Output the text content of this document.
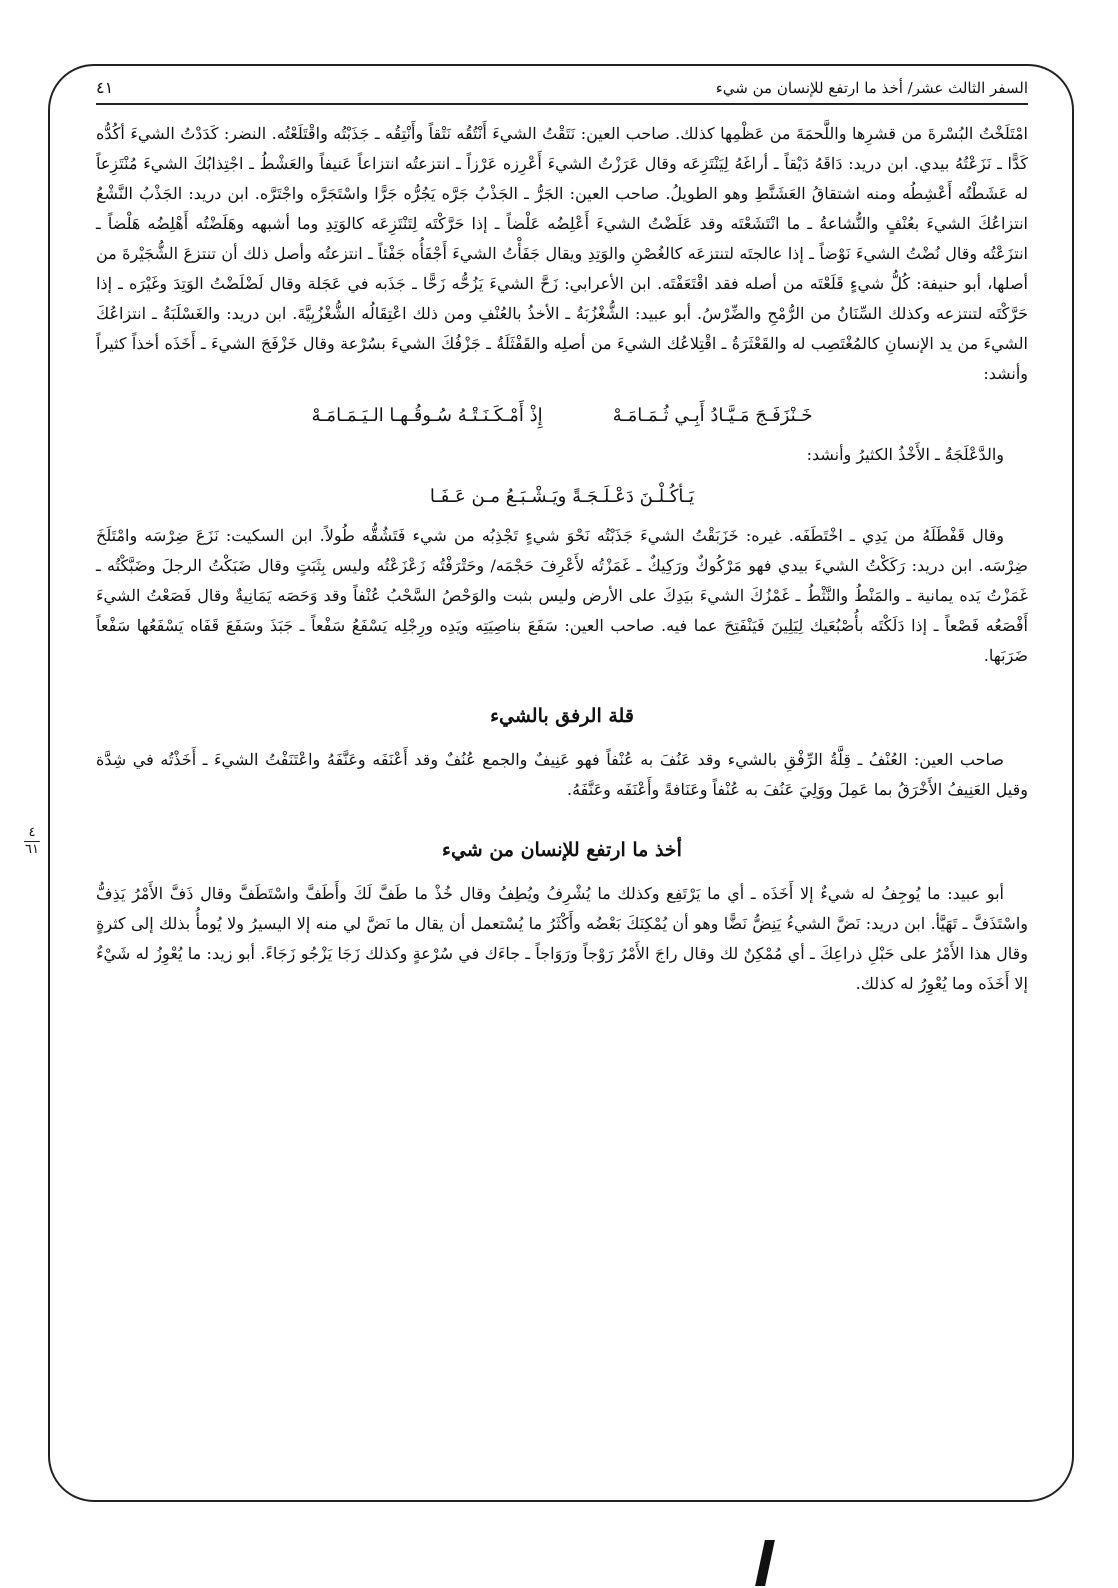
السفر الثالث عشر/ أخذ ما ارتفع للإنسان من شيء
٤١

امْتَلَخْتُ البُسْرةَ من قشرِها واللَّحمَةَ من عَظْمِها كذلك. صاحب العين: نَتَقْتُ الشيءَ أَنْتُقُه نَتْقاً وأَنْتِقُه ـ جَذَبْتُه واقْتَلَعْتُه. النضر: كَدَدْتُ الشيءَ أكُدُّه كَدًّا ـ نَزَعْتُهُ بيدي. ابن دريد: دَاقَهُ دَيْقاً ـ أراغَهُ لِيَنْتَزِعَه وقال عَرَزْتُ الشيءَ أَعْرِزه عَرْزاً ـ انتزعتُه انتزاعاً عَنيفاً والعَشْطُ ـ اجْتِذابُكَ الشيءَ مُنْتَزِعاً له عَشَطْتُه أَعْشِطُه ومنه اشتقاقُ العَشَنَّطِ وهو الطويلُ. صاحب العين: الجَرُّ ـ الجَذْبُ جَرَّه يَجُرُّه جَرًّا واسْتَجَرَّه واجْتَرَّه. ابن دريد: الجَذْبُ النَّشْعُ انتزاعُكَ الشيءَ بعُنْفٍ والنُّشاعةُ ـ ما انْتَشَعْتَه وقد عَلَضْتُ الشيءَ أَعْلِضُه عَلْضاً ـ إذا حَرَّكْتَه لِتَنْتَزِعَه كالوَتِدِ وما أشبهه وهَلَضْتُه أَهْلِضُه هَلْضاً ـ انتزَعْتُه وقال نُضْتُ الشيءَ نَوْضاً ـ إذا عالجتَه لتنتزعَه كالغُصْنِ والوَتِدِ ويقال جَفَأْتُ الشيءَ أَجْفَأُه جَفْئاً ـ انتزعتُه وأصل ذلك أن تنتزعَ الشُّجَيْرةَ من أصلها، أبو حنيفة: كُلُّ شيءٍ قَلَعْتَه من أصله فقد اقْتَعَفْتَه. ابن الأعرابي: زَحَّ الشيءَ يَزُحُّه زَحًّا ـ جَذَبه في عَجَلة وقال لَضْلَضْتُ الوَتِدَ وغَيْرَه ـ إذا حَرَّكْتَه لتنتزعه وكذلك السِّنَانُ من الرُّمْحِ والضِّرْسُ. أبو عبيد: الشُّغْزُبَةُ ـ الأخذُ بالعُنْفِ ومن ذلك اعْتِقَالُه الشُّغْزُبِيَّةَ. ابن دريد: والغَسْلَبَةُ ـ انتزاعُكَ الشيءَ من يد الإنسانِ كالمُغْتَصِب له والقَعْثَرَةُ ـ اقْتِلاعُك الشيءَ من أصلِه والقَفْثَلَةُ ـ جَزْفُكَ الشيءَ بسُرْعة وقال خَزْفَجَ الشيءَ ـ أَخَذَه أخذاً كثيراً وأنشد:

خَـنْزَفَـجَ مَـيَّـادُ أَبِـي ثُـمَـامَـهْ
إِذْ أَمْـكَـنَـتْـهُ سُـوقُـهـا الـيَـمَـامَـهْ

والدَّعْلَجَةُ ـ الأَخْذُ الكثيرُ وأنشد:

يَـأكُـلْـنَ دَعْـلَـجَـةً ويَـشْـبَـعُ مـن عَـفَـا

وقال قَفْطَلَهُ من يَدِي ـ اخْتَطَفَه. غيره: خَزَبَقْتُ الشيءَ جَذَبْتُه نَحْوَ شيءٍ تَجْذِبُه من شيء فَتَشُقُّه طُولاً. ابن السكيت: نَزَعَ ضِرْسَه وامْتَلَخَ ضِرْسَه. ابن دريد: رَكَكْتُ الشيءَ بيدي فهو مَرْكُوكٌ ورَكِيكٌ ـ غَمَزْتُه لأَعْرِفَ حَجْمَه/ وحَتْرَفْتُه زَعْزَعْتُه وليس بِثَبَتٍ وقال ضَبَكْتُ الرجلَ وضَبَّكْتُه ـ غَمَزْتُ يَده يمانية ـ والمَنْطُ والنَّثْطُ ـ غَمْزُكَ الشيءَ بيَدِكَ على الأرض وليس بثبت والوَحْصُ السَّحْبُ عُنْفاً وقد وَحَصَه يَمَانِيةٌ وقال فَصَعْتُ الشيءَ أَفْصَعُه فَصْعاً ـ إذا دَلَكْتَه بأُصْبُعَيك لِيَلِينَ فَيَنْفَتِحَ عما فيه. صاحب العين: سَفَعَ بناصِيَتِه ويَدِه ورِجْلِه يَسْفَعُ سَفْعاً ـ جَبَذَ وسَفَعَ قَفَاه يَسْفَعُها سَفْعاً ضَرَبَها.

قلة الرفق بالشيء

صاحب العين: العُنْفُ ـ قِلَّةُ الرِّفْقِ بالشيء وقد عَنُفَ به عُنْفاً فهو عَنِيفٌ والجمع عُنُفٌ وقد أَعْنَفَه وعَنَّفَهُ واعْتَنَفْتُ الشيءَ ـ أَخَذْتُه في شِدَّة وقيل العَنِيفُ الأَخْرَقُ بما عَمِلَ ووَلِيَ عَنُفَ به عُنْفاً وعَنَافةً وأَعْنَفَه وعَنَّفَهُ.

أخذ ما ارتفع للإنسان من شيء

أبو عبيد: ما يُوجِفُ له شيءٌ إلا أَخَذَه ـ أي ما يَرْتَفِع وكذلك ما يُشْرِفُ ويُطِفُ وقال خُذْ ما طَفَّ لَكَ وأَطَفَّ واسْتَطَفَّ وقال ذَفَّ الأَمْرُ يَذِفُّ واسْتَذَفَّ ـ تَهَيَّأ. ابن دريد: نَضَّ الشيءُ يَنِضُّ نَضًّا وهو أن يُمْكِنَكَ بَعْضُه وأَكْثَرُ ما يُسْتعمل أن يقال ما نَضَّ لي منه إلا اليسيرُ ولا يُومأُ بذلك إلى كثرةٍ وقال هذا الأَمْرُ على حَبْلِ ذراعِكَ ـ أي مُمْكِنٌ لك وقال راجَ الأَمْرُ رَوْجاً ورَوَاجاً ـ جاءَك في سُرْعةٍ وكذلك زَجَا يَزْجُو زَجَاءً. أبو زيد: ما يُعْوِزُ له شَيْءٌ إلا أَخَذَه وما يُعْوِرُ له كذلك.

٤
٦١
